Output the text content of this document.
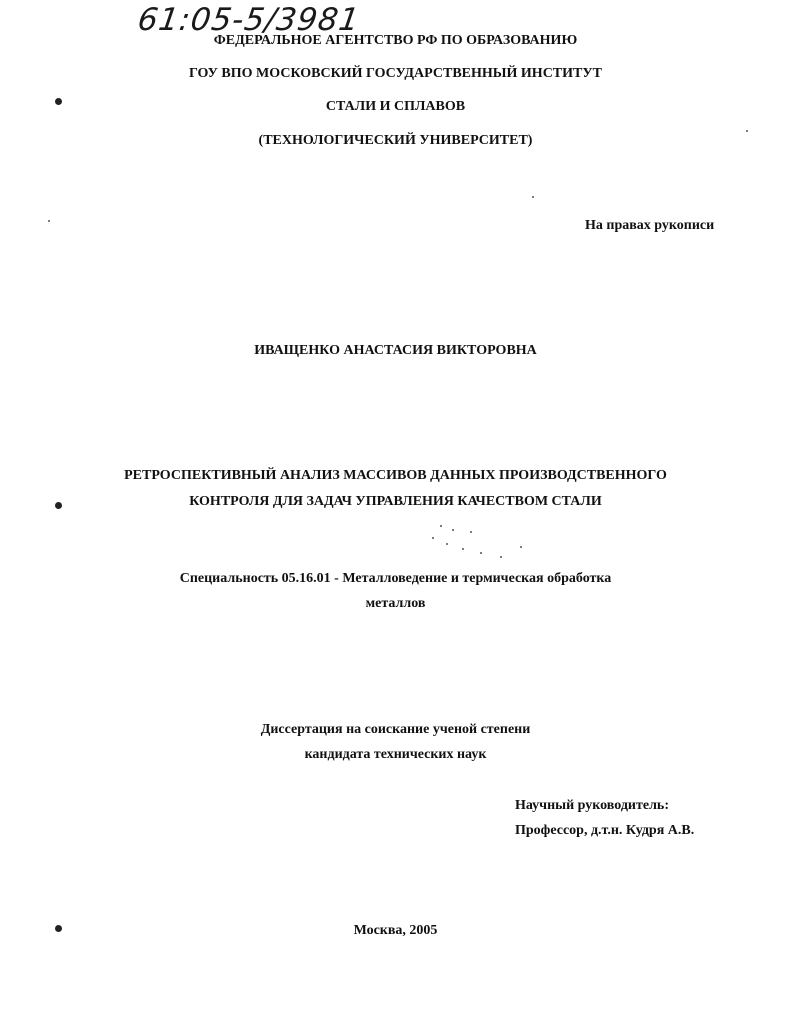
61:05-5/3981
ФЕДЕРАЛЬНОЕ АГЕНТСТВО РФ ПО ОБРАЗОВАНИЮ
ГОУ ВПО МОСКОВСКИЙ ГОСУДАРСТВЕННЫЙ ИНСТИТУТ
СТАЛИ И СПЛАВОВ
(ТЕХНОЛОГИЧЕСКИЙ УНИВЕРСИТЕТ)
На правах рукописи
ИВАЩЕНКО АНАСТАСИЯ ВИКТОРОВНА
РЕТРОСПЕКТИВНЫЙ АНАЛИЗ МАССИВОВ ДАННЫХ ПРОИЗВОДСТВЕННОГО
КОНТРОЛЯ ДЛЯ ЗАДАЧ УПРАВЛЕНИЯ КАЧЕСТВОМ СТАЛИ
Специальность 05.16.01 - Металловедение и термическая обработка
металлов
Диссертация на соискание ученой степени
кандидата технических наук
Научный руководитель:
Профессор, д.т.н. Кудря А.В.
Москва, 2005
